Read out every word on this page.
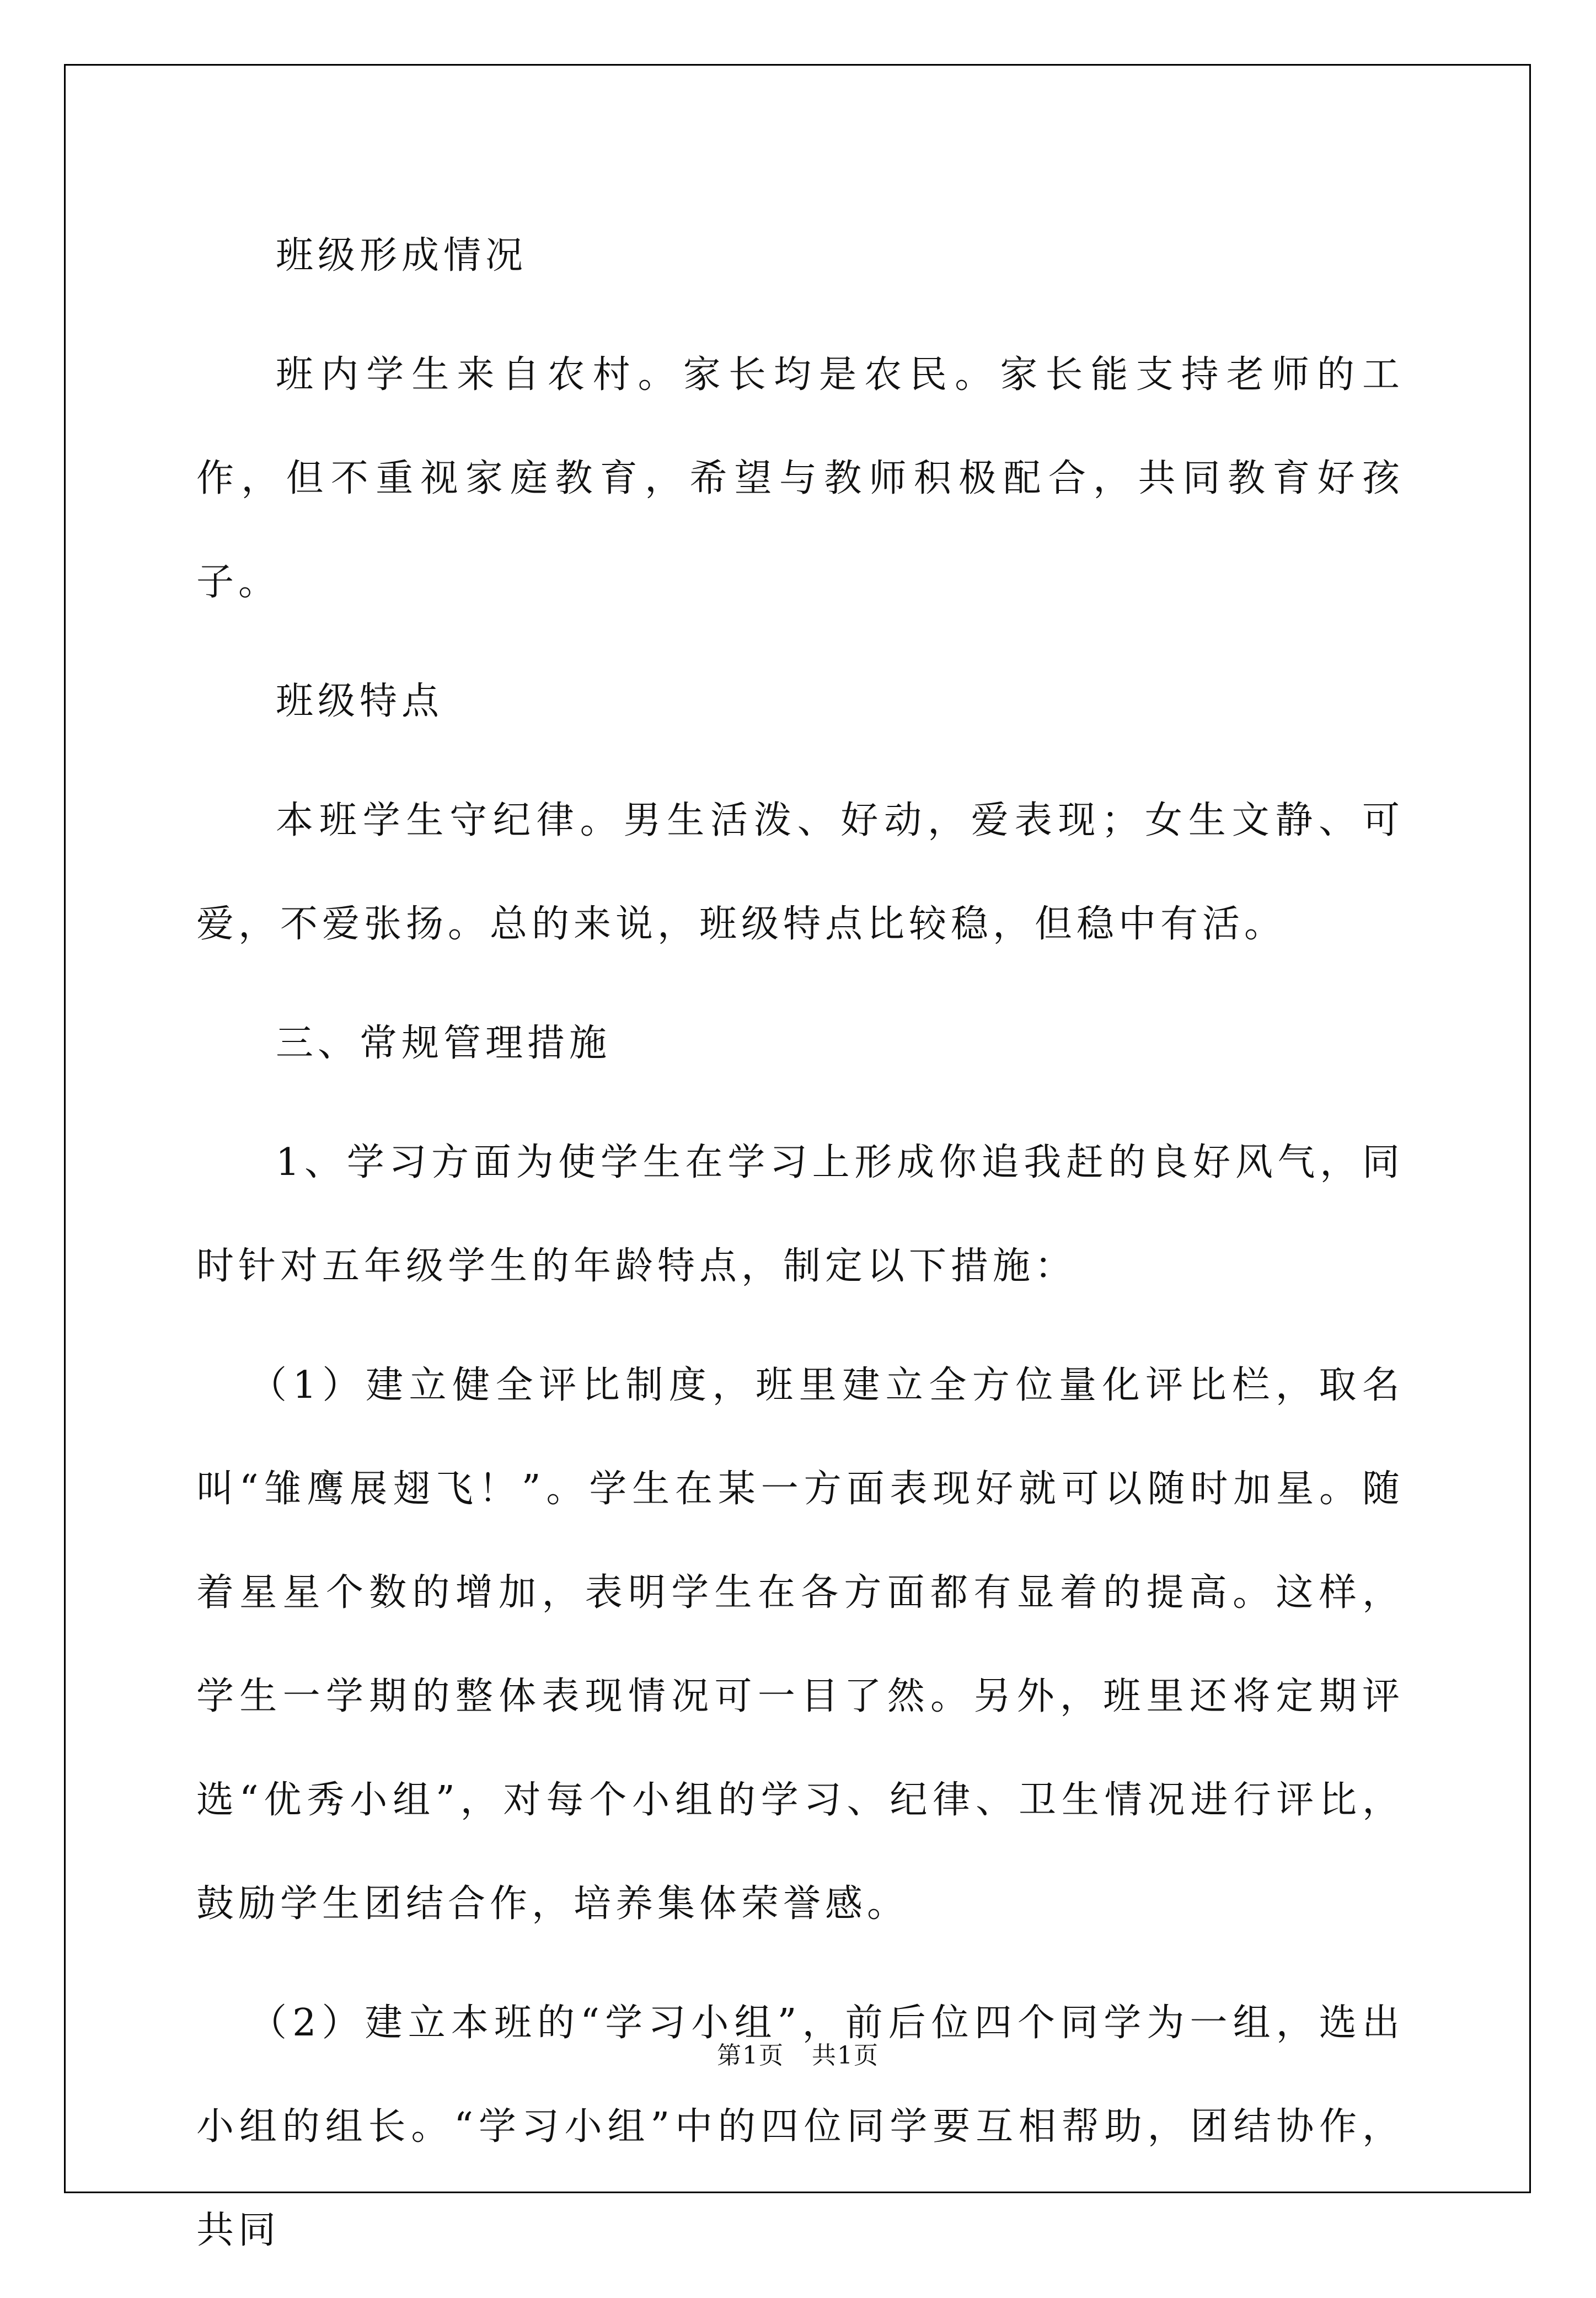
班级形成情况

班内学生来自农村。家长均是农民。家长能支持老师的工作，但不重视家庭教育，希望与教师积极配合，共同教育好孩子。

班级特点

本班学生守纪律。男生活泼、好动，爱表现；女生文静、可爱，不爱张扬。总的来说，班级特点比较稳，但稳中有活。

三、常规管理措施

1、学习方面为使学生在学习上形成你追我赶的良好风气，同时针对五年级学生的年龄特点，制定以下措施：

（1）建立健全评比制度，班里建立全方位量化评比栏，取名叫“雏鹰展翅飞！”。学生在某一方面表现好就可以随时加星。随着星星个数的增加，表明学生在各方面都有显着的提高。这样，学生一学期的整体表现情况可一目了然。另外，班里还将定期评选“优秀小组”，对每个小组的学习、纪律、卫生情况进行评比，鼓励学生团结合作，培养集体荣誉感。

（2）建立本班的“学习小组”，前后位四个同学为一组，选出小组的组长。“学习小组”中的四位同学要互相帮助，团结协作，共同

第1页 共1页
